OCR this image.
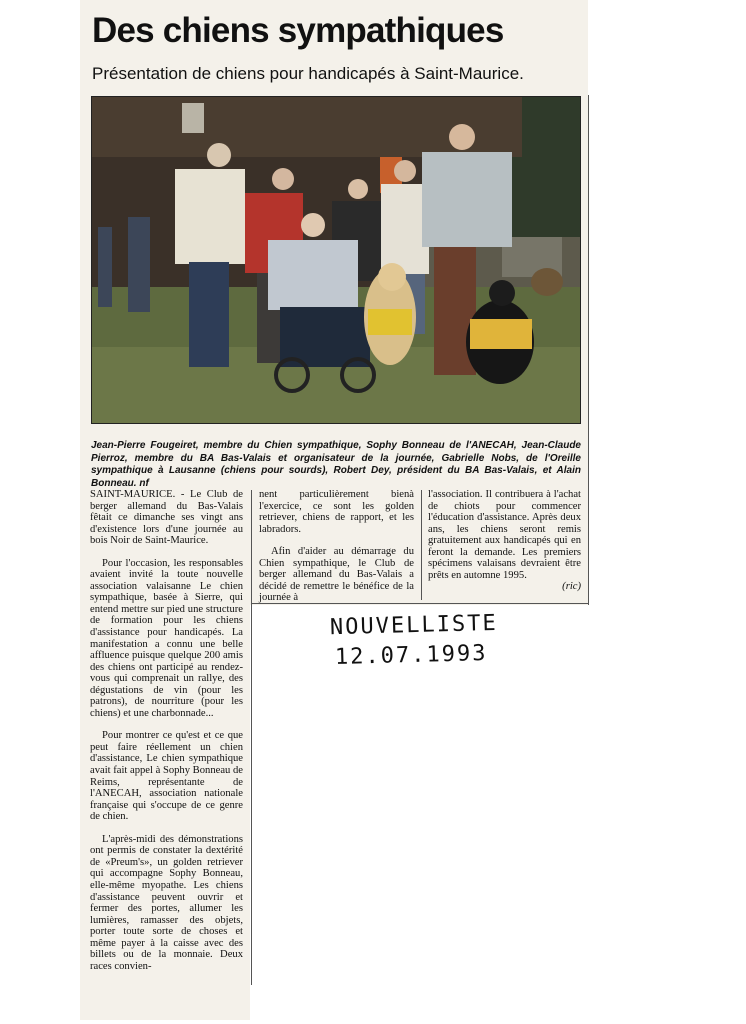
Des chiens sympathiques
Présentation de chiens pour handicapés à Saint-Maurice.
Jean-Pierre Fougeiret, membre du Chien sympathique, Sophy Bonneau de l'ANECAH, Jean-Claude Pierroz, membre du BA Bas-Valais et organisateur de la journée, Gabrielle Nobs, de l'Oreille sympathique à Lausanne (chiens pour sourds), Robert Dey, président du BA Bas-Valais, et Alain Bonneau. nf

SAINT-MAURICE. - Le Club de berger allemand du Bas-Valais fêtait ce dimanche ses vingt ans d'existence lors d'une journée au bois Noir de Saint-Maurice.

Pour l'occasion, les responsables avaient invité la toute nouvelle association valaisanne Le chien sympathique, basée à Sierre, qui entend mettre sur pied une structure de formation pour les chiens d'assistance pour handicapés. La manifestation a connu une belle affluence puisque quelque 200 amis des chiens ont participé au rendez-vous qui comprenait un rallye, des dégustations de vin (pour les patrons), de nourriture (pour les chiens) et une charbonnade...

Pour montrer ce qu'est et ce que peut faire réellement un chien d'assistance, Le chien sympathique avait fait appel à Sophy Bonneau de Reims, représentante de l'ANECAH, association nationale française qui s'occupe de ce genre de chien.

L'après-midi des démonstrations ont permis de constater la dextérité de «Preum's», un golden retriever qui accompagne Sophy Bonneau, elle-même myopathe. Les chiens d'assistance peuvent ouvrir et fermer des portes, allumer les lumières, ramasser des objets, porter toute sorte de choses et même payer à la caisse avec des billets ou de la monnaie. Deux races convien-

nent particulièrement bienà l'exercice, ce sont les golden retriever, chiens de rapport, et les labradors.

Afin d'aider au démarrage du Chien sympathique, le Club de berger allemand du Bas-Valais a décidé de remettre le bénéfice de la journée à

l'association. Il contribuera à l'achat de chiots pour commencer l'éducation d'assistance. Après deux ans, les chiens seront remis gratuitement aux handicapés qui en feront la demande. Les premiers spécimens valaisans devraient être prêts en automne 1995.

(ric)

NOUVELLISTE
12.07.1993
